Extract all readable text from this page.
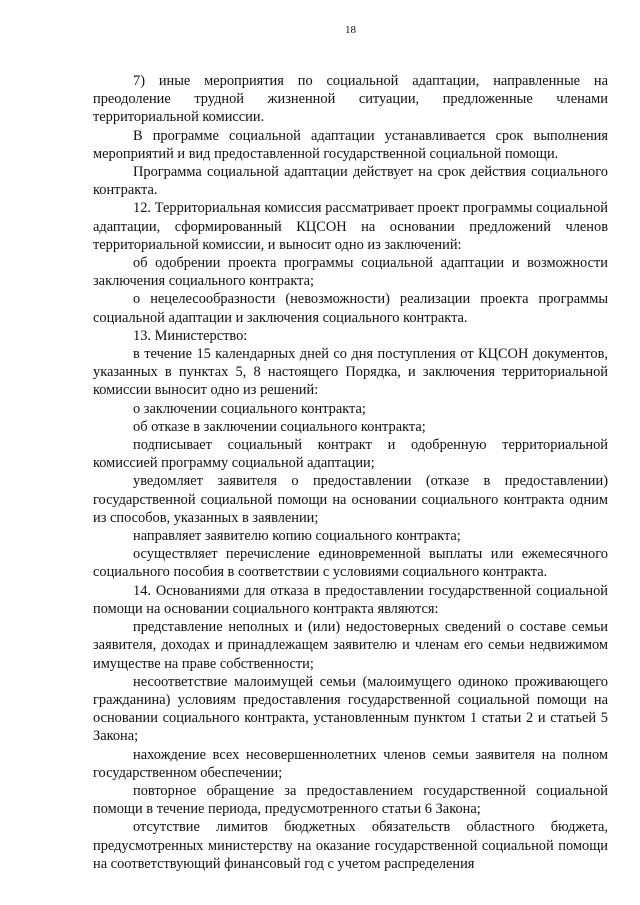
18

7) иные мероприятия по социальной адаптации, направленные на преодоление трудной жизненной ситуации, предложенные членами территориальной комиссии.

В программе социальной адаптации устанавливается срок выполнения мероприятий и вид предоставленной государственной социальной помощи.

Программа социальной адаптации действует на срок действия социального контракта.

12. Территориальная комиссия рассматривает проект программы социальной адаптации, сформированный КЦСОН на основании предложений членов территориальной комиссии, и выносит одно из заключений:

об одобрении проекта программы социальной адаптации и возможности заключения социального контракта;

о нецелесообразности (невозможности) реализации проекта программы социальной адаптации и заключения социального контракта.

13. Министерство:

в течение 15 календарных дней со дня поступления от КЦСОН документов, указанных в пунктах 5, 8 настоящего Порядка, и заключения территориальной комиссии выносит одно из решений:

о заключении социального контракта;

об отказе в заключении социального контракта;

подписывает социальный контракт и одобренную территориальной комиссией программу социальной адаптации;

уведомляет заявителя о предоставлении (отказе в предоставлении) государственной социальной помощи на основании социального контракта одним из способов, указанных в заявлении;

направляет заявителю копию социального контракта;

осуществляет перечисление единовременной выплаты или ежемесячного социального пособия в соответствии с условиями социального контракта.

14. Основаниями для отказа в предоставлении государственной социальной помощи на основании социального контракта являются:

представление неполных и (или) недостоверных сведений о составе семьи заявителя, доходах и принадлежащем заявителю и членам его семьи недвижимом имуществе на праве собственности;

несоответствие малоимущей семьи (малоимущего одиноко проживающего гражданина) условиям предоставления государственной социальной помощи на основании социального контракта, установленным пунктом 1 статьи 2 и статьей 5 Закона;

нахождение всех несовершеннолетних членов семьи заявителя на полном государственном обеспечении;

повторное обращение за предоставлением государственной социальной помощи в течение периода, предусмотренного статьи 6 Закона;

отсутствие лимитов бюджетных обязательств областного бюджета, предусмотренных министерству на оказание государственной социальной помощи на соответствующий финансовый год с учетом распределения
